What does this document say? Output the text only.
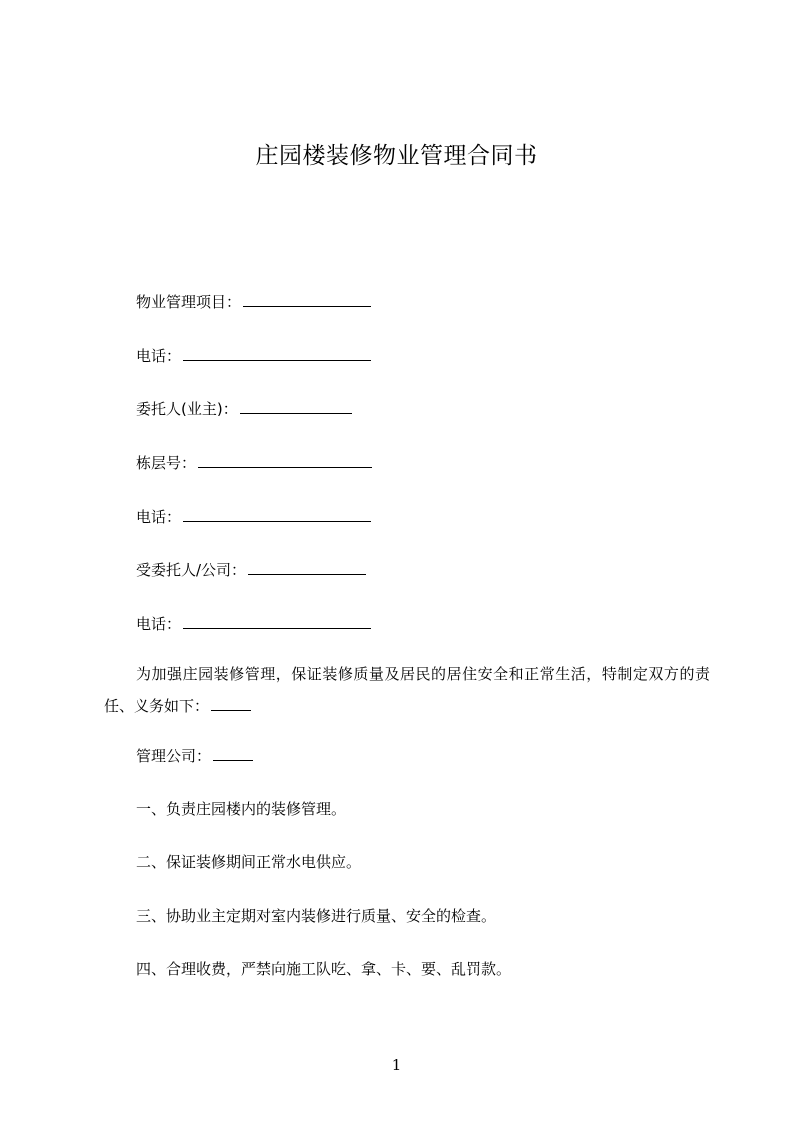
庄园楼装修物业管理合同书
物业管理项目：
电话：
委托人(业主)：
栋层号：
电话：
受委托人/公司：
电话：
为加强庄园装修管理，保证装修质量及居民的居住安全和正常生活，特制定双方的责任、义务如下：
管理公司：
一、负责庄园楼内的装修管理。
二、保证装修期间正常水电供应。
三、协助业主定期对室内装修进行质量、安全的检查。
四、合理收费，严禁向施工队吃、拿、卡、要、乱罚款。
1
